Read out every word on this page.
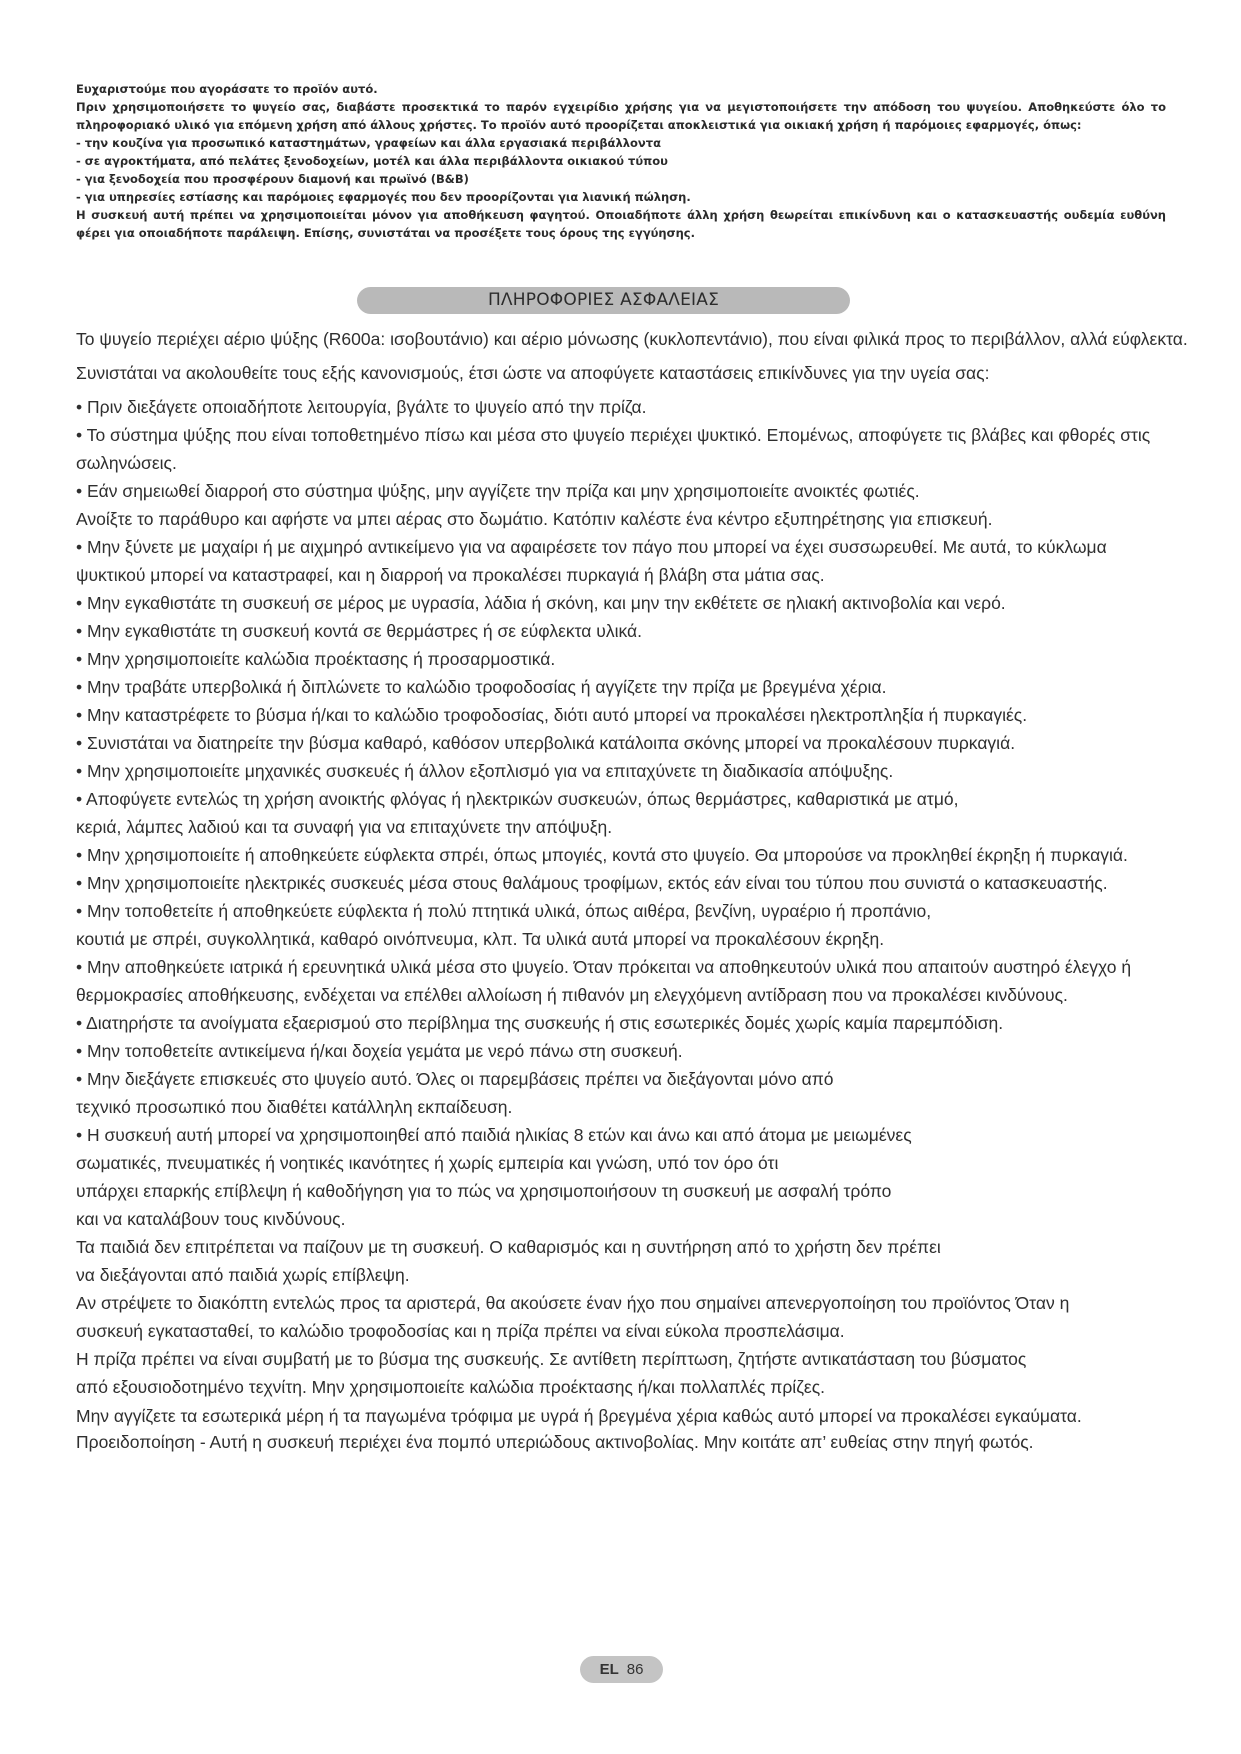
Ευχαριστούμε που αγοράσατε το προϊόν αυτό.

Πριν χρησιμοποιήσετε το ψυγείο σας, διαβάστε προσεκτικά το παρόν εγχειρίδιο χρήσης για να μεγιστοποιήσετε την απόδοση του ψυγείου. Αποθηκεύστε όλο το πληροφοριακό υλικό για επόμενη χρήση από άλλους χρήστες. Το προϊόν αυτό προορίζεται αποκλειστικά για οικιακή χρήση ή παρόμοιες εφαρμογές, όπως:

- την κουζίνα για προσωπικό καταστημάτων, γραφείων και άλλα εργασιακά περιβάλλοντα

- σε αγροκτήματα, από πελάτες ξενοδοχείων, μοτέλ και άλλα περιβάλλοντα οικιακού τύπου

- για ξενοδοχεία που προσφέρουν διαμονή και πρωϊνό (B&B)

- για υπηρεσίες εστίασης και παρόμοιες εφαρμογές που δεν προορίζονται για λιανική πώληση.

Η συσκευή αυτή πρέπει να χρησιμοποιείται μόνον για αποθήκευση φαγητού. Οποιαδήποτε άλλη χρήση θεωρείται επικίνδυνη και ο κατασκευαστής ουδεμία ευθύνη φέρει για οποιαδήποτε παράλειψη. Επίσης, συνιστάται να προσέξετε τους όρους της εγγύησης.

ΠΛΗΡΟΦΟΡΙΕΣ ΑΣΦΑΛΕΙΑΣ

Το ψυγείο περιέχει αέριο ψύξης (R600a: ισοβουτάνιο) και αέριο μόνωσης (κυκλοπεντάνιο), που είναι φιλικά προς το περιβάλλον, αλλά εύφλεκτα.

Συνιστάται να ακολουθείτε τους εξής κανονισμούς, έτσι ώστε να αποφύγετε καταστάσεις επικίνδυνες για την υγεία σας:

• Πριν διεξάγετε οποιαδήποτε λειτουργία, βγάλτε το ψυγείο από την πρίζα.

• Το σύστημα ψύξης που είναι τοποθετημένο πίσω και μέσα στο ψυγείο περιέχει ψυκτικό. Επομένως, αποφύγετε τις βλάβες και φθορές στις σωληνώσεις.

• Εάν σημειωθεί διαρροή στο σύστημα ψύξης, μην αγγίζετε την πρίζα και μην χρησιμοποιείτε ανοικτές φωτιές.

Ανοίξτε το παράθυρο και αφήστε να μπει αέρας στο δωμάτιο. Κατόπιν καλέστε ένα κέντρο εξυπηρέτησης για επισκευή.

• Μην ξύνετε με μαχαίρι ή με αιχμηρό αντικείμενο για να αφαιρέσετε τον πάγο που μπορεί να έχει συσσωρευθεί. Με αυτά, το κύκλωμα

ψυκτικού μπορεί να καταστραφεί, και η διαρροή να προκαλέσει πυρκαγιά ή βλάβη στα μάτια σας.

• Μην εγκαθιστάτε τη συσκευή σε μέρος με υγρασία, λάδια ή σκόνη, και μην την εκθέτετε σε ηλιακή ακτινοβολία και νερό.

• Μην εγκαθιστάτε τη συσκευή κοντά σε θερμάστρες ή σε εύφλεκτα υλικά.

• Μην χρησιμοποιείτε καλώδια προέκτασης ή προσαρμοστικά.

• Μην τραβάτε υπερβολικά ή διπλώνετε το καλώδιο τροφοδοσίας ή αγγίζετε την πρίζα με βρεγμένα χέρια.

• Μην καταστρέφετε το βύσμα ή/και το καλώδιο τροφοδοσίας, διότι αυτό μπορεί να προκαλέσει ηλεκτροπληξία ή πυρκαγιές.

• Συνιστάται να διατηρείτε την βύσμα καθαρό, καθόσον υπερβολικά κατάλοιπα σκόνης μπορεί να προκαλέσουν πυρκαγιά.

• Μην χρησιμοποιείτε μηχανικές συσκευές ή άλλον εξοπλισμό για να επιταχύνετε τη διαδικασία απόψυξης.

• Αποφύγετε εντελώς τη χρήση ανοικτής φλόγας ή ηλεκτρικών συσκευών, όπως θερμάστρες, καθαριστικά με ατμό,

κεριά, λάμπες λαδιού και τα συναφή για να επιταχύνετε την απόψυξη.

• Μην χρησιμοποιείτε ή αποθηκεύετε εύφλεκτα σπρέι, όπως μπογιές, κοντά στο ψυγείο. Θα μπορούσε να προκληθεί έκρηξη ή πυρκαγιά.

• Μην χρησιμοποιείτε ηλεκτρικές συσκευές μέσα στους θαλάμους τροφίμων, εκτός εάν είναι του τύπου που συνιστά ο κατασκευαστής.

• Μην τοποθετείτε ή αποθηκεύετε εύφλεκτα ή πολύ πτητικά υλικά, όπως αιθέρα, βενζίνη, υγραέριο ή προπάνιο,

κουτιά με σπρέι, συγκολλητικά, καθαρό οινόπνευμα, κλπ. Τα υλικά αυτά μπορεί να προκαλέσουν έκρηξη.

• Μην αποθηκεύετε ιατρικά ή ερευνητικά υλικά μέσα στο ψυγείο. Όταν πρόκειται να αποθηκευτούν υλικά που απαιτούν αυστηρό έλεγχο ή θερμοκρασίες αποθήκευσης, ενδέχεται να επέλθει αλλοίωση ή πιθανόν μη ελεγχόμενη αντίδραση που να προκαλέσει κινδύνους.

• Διατηρήστε τα ανοίγματα εξαερισμού στο περίβλημα της συσκευής ή στις εσωτερικές δομές χωρίς καμία παρεμπόδιση.

• Μην τοποθετείτε αντικείμενα ή/και δοχεία γεμάτα με νερό πάνω στη συσκευή.

• Μην διεξάγετε επισκευές στο ψυγείο αυτό. Όλες οι παρεμβάσεις πρέπει να διεξάγονται μόνο από

τεχνικό προσωπικό που διαθέτει κατάλληλη εκπαίδευση.

• Η συσκευή αυτή μπορεί να χρησιμοποιηθεί από παιδιά ηλικίας 8 ετών και άνω και από άτομα με μειωμένες

σωματικές, πνευματικές ή νοητικές ικανότητες ή χωρίς εμπειρία και γνώση, υπό τον όρο ότι

υπάρχει επαρκής επίβλεψη ή καθοδήγηση για το πώς να χρησιμοποιήσουν τη συσκευή με ασφαλή τρόπο

και να καταλάβουν τους κινδύνους.

Τα παιδιά δεν επιτρέπεται να παίζουν με τη συσκευή. Ο καθαρισμός και η συντήρηση από το χρήστη δεν πρέπει

να διεξάγονται από παιδιά χωρίς επίβλεψη.

Αν στρέψετε το διακόπτη εντελώς προς τα αριστερά, θα ακούσετε έναν ήχο που σημαίνει απενεργοποίηση του προϊόντος Όταν η

συσκευή εγκατασταθεί, το καλώδιο τροφοδοσίας και η πρίζα πρέπει να είναι εύκολα προσπελάσιμα.

Η πρίζα πρέπει να είναι συμβατή με το βύσμα της συσκευής. Σε αντίθετη περίπτωση, ζητήστε αντικατάσταση του βύσματος

από εξουσιοδοτημένο τεχνίτη. Μην χρησιμοποιείτε καλώδια προέκτασης ή/και πολλαπλές πρίζες.

Μην αγγίζετε τα εσωτερικά μέρη ή τα παγωμένα τρόφιμα με υγρά ή βρεγμένα χέρια καθώς αυτό μπορεί να προκαλέσει εγκαύματα.

Προειδοποίηση - Αυτή η συσκευή περιέχει ένα πομπό υπεριώδους ακτινοβολίας. Μην κοιτάτε απ’ ευθείας στην πηγή φωτός.

EL 86
